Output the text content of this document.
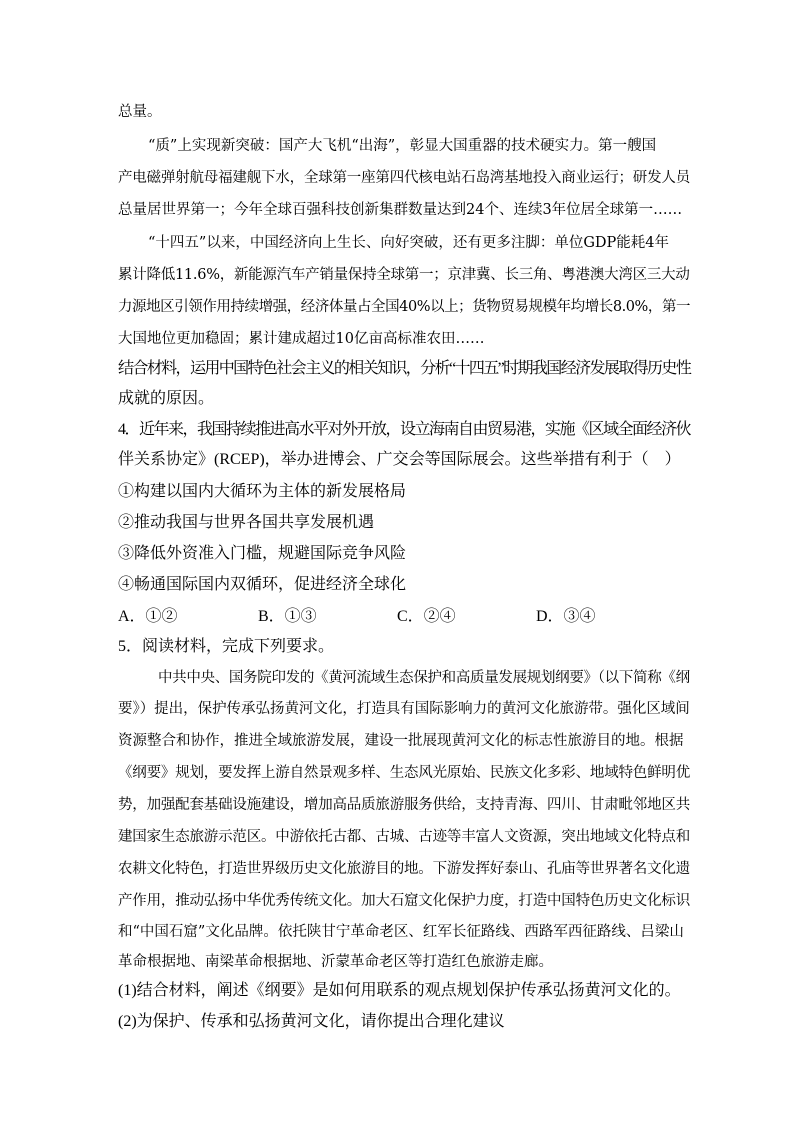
总量。
“质”上实现新突破：国产大飞机“出海”，彰显大国重器的技术硬实力。第一艘国
产电磁弹射航母福建舰下水，全球第一座第四代核电站石岛湾基地投入商业运行；研发人员
总量居世界第一；今年全球百强科技创新集群数量达到24个、连续3年位居全球第一……
“十四五”以来，中国经济向上生长、向好突破，还有更多注脚：单位GDP能耗4年
累计降低11.6%，新能源汽车产销量保持全球第一；京津冀、长三角、粤港澳大湾区三大动
力源地区引领作用持续增强，经济体量占全国40%以上；货物贸易规模年均增长8.0%，第一
大国地位更加稳固；累计建成超过10亿亩高标准农田……
结合材料，运用中国特色社会主义的相关知识，分析“十四五”时期我国经济发展取得历史性
成就的原因。
4．近年来，我国持续推进高水平对外开放，设立海南自由贸易港，实施《区域全面经济伙
伴关系协定》(RCEP)，举办进博会、广交会等国际展会。这些举措有利于（　）
①构建以国内大循环为主体的新发展格局
②推动我国与世界各国共享发展机遇
③降低外资准入门槛，规避国际竞争风险
④畅通国际国内双循环，促进经济全球化
A．①②	B．①③	C．②④	D．③④
5．阅读材料，完成下列要求。
中共中央、国务院印发的《黄河流域生态保护和高质量发展规划纲要》（以下简称《纲
要》）提出，保护传承弘扬黄河文化，打造具有国际影响力的黄河文化旅游带。强化区域间
资源整合和协作，推进全域旅游发展，建设一批展现黄河文化的标志性旅游目的地。根据
《纲要》规划，要发挥上游自然景观多样、生态风光原始、民族文化多彩、地域特色鲜明优
势，加强配套基础设施建设，增加高品质旅游服务供给，支持青海、四川、甘肃毗邻地区共
建国家生态旅游示范区。中游依托古都、古城、古迹等丰富人文资源，突出地域文化特点和
农耕文化特色，打造世界级历史文化旅游目的地。下游发挥好泰山、孔庙等世界著名文化遗
产作用，推动弘扬中华优秀传统文化。加大石窟文化保护力度，打造中国特色历史文化标识
和“中国石窟”文化品牌。依托陕甘宁革命老区、红军长征路线、西路军西征路线、吕梁山
革命根据地、南梁革命根据地、沂蒙革命老区等打造红色旅游走廊。
(1)结合材料，阐述《纲要》是如何用联系的观点规划保护传承弘扬黄河文化的。
(2)为保护、传承和弘扬黄河文化，请你提出合理化建议
